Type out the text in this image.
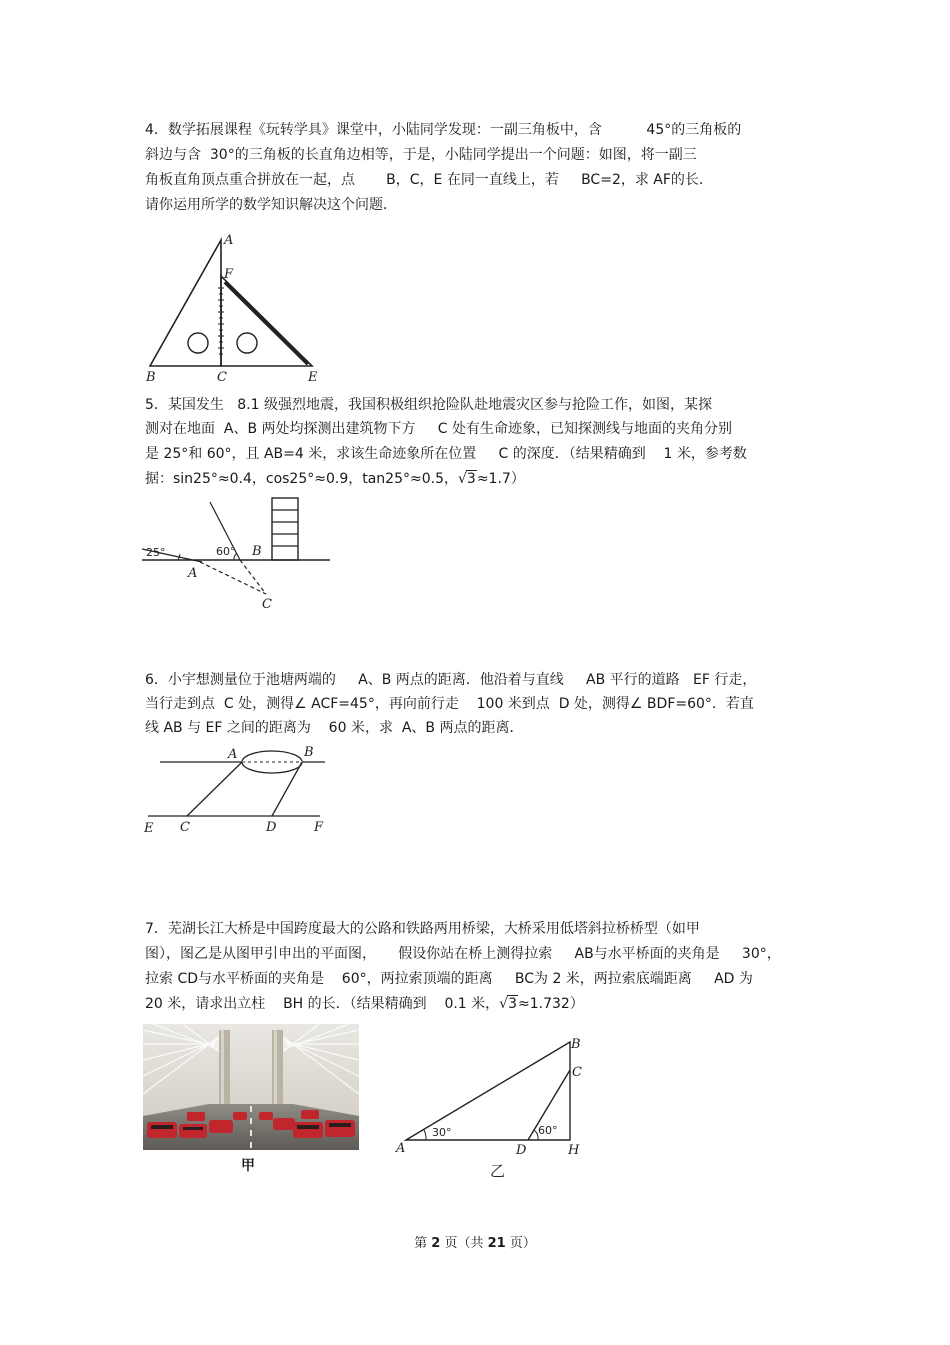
4．数学拓展课程《玩转学具》课堂中，小陆同学发现：一副三角板中，含          45°的三角板的
斜边与含  30°的三角板的长直角边相等，于是，小陆同学提出一个问题：如图，将一副三
角板直角顶点重合拼放在一起，点       B，C，E 在同一直线上，若     BC=2，求 AF的长．
请你运用所学的数学知识解决这个问题．
A
F
B	C	E
5．某国发生   8.1 级强烈地震，我国积极组织抢险队赴地震灾区参与抢险工作，如图，某探
测对在地面  A、B 两处均探测出建筑物下方     C 处有生命迹象，已知探测线与地面的夹角分别
是 25°和 60°，且 AB=4 米，求该生命迹象所在位置     C 的深度．（结果精确到    1 米，参考数
据：sin25°≈0.4，cos25°≈0.9，tan25°≈0.5，√3≈1.7）
25°	60°
A
B
C
6．小宇想测量位于池塘两端的     A、B 两点的距离．他沿着与直线     AB 平行的道路   EF 行走，
当行走到点  C 处，测得∠ ACF=45°，再向前行走    100 米到点  D 处，测得∠ BDF=60°．若直
线 AB 与 EF 之间的距离为    60 米，求  A、B 两点的距离．
A	B
E C	D	F
7．芜湖长江大桥是中国跨度最大的公路和铁路两用桥梁，大桥采用低塔斜拉桥桥型（如甲
图），图乙是从图甲引申出的平面图，     假设你站在桥上测得拉索     AB与水平桥面的夹角是     30°，
拉索 CD与水平桥面的夹角是    60°，两拉索顶端的距离     BC为 2 米，两拉索底端距离     AD 为
20 米，请求出立柱    BH 的长．（结果精确到    0.1 米，√3≈1.732）
甲
30°	60°
A
B
C
D	H
乙
第 2 页（共 21 页）
